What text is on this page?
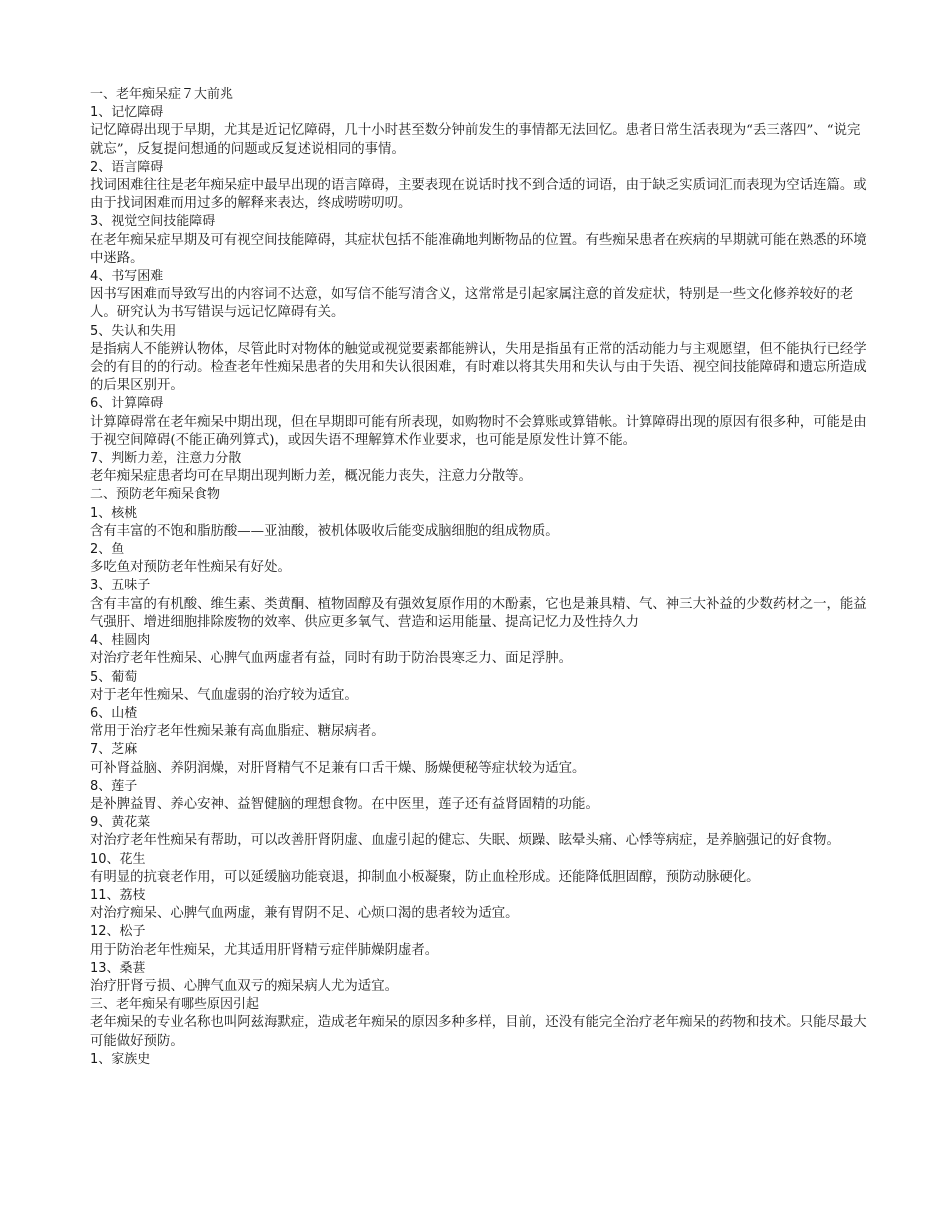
一、老年痴呆症７大前兆

1、记忆障碍

记忆障碍出现于早期，尤其是近记忆障碍，几十小时甚至数分钟前发生的事情都无法回忆。患者日常生活表现为“丢三落四”、“说完就忘”，反复提问想通的问题或反复述说相同的事情。

2、语言障碍

找词困难往往是老年痴呆症中最早出现的语言障碍，主要表现在说话时找不到合适的词语，由于缺乏实质词汇而表现为空话连篇。或由于找词困难而用过多的解释来表达，终成唠唠叨叨。

3、视觉空间技能障碍

在老年痴呆症早期及可有视空间技能障碍，其症状包括不能准确地判断物品的位置。有些痴呆患者在疾病的早期就可能在熟悉的环境中迷路。

4、书写困难

因书写困难而导致写出的内容词不达意，如写信不能写清含义，这常常是引起家属注意的首发症状，特别是一些文化修养较好的老人。研究认为书写错误与远记忆障碍有关。

5、失认和失用

是指病人不能辨认物体，尽管此时对物体的触觉或视觉要素都能辨认，失用是指虽有正常的活动能力与主观愿望，但不能执行已经学会的有目的的行动。检查老年性痴呆患者的失用和失认很困难，有时难以将其失用和失认与由于失语、视空间技能障碍和遗忘所造成的后果区别开。

6、计算障碍

计算障碍常在老年痴呆中期出现，但在早期即可能有所表现，如购物时不会算账或算错帐。计算障碍出现的原因有很多种，可能是由于视空间障碍(不能正确列算式)，或因失语不理解算术作业要求，也可能是原发性计算不能。

7、判断力差，注意力分散

老年痴呆症患者均可在早期出现判断力差，概况能力丧失，注意力分散等。

二、预防老年痴呆食物

1、核桃

含有丰富的不饱和脂肪酸——亚油酸，被机体吸收后能变成脑细胞的组成物质。

2、鱼

多吃鱼对预防老年性痴呆有好处。

3、五味子

含有丰富的有机酸、维生素、类黄酮、植物固醇及有强效复原作用的木酚素，它也是兼具精、气、神三大补益的少数药材之一，能益气强肝、增进细胞排除废物的效率、供应更多氧气、营造和运用能量、提高记忆力及性持久力

4、桂圆肉

对治疗老年性痴呆、心脾气血两虚者有益，同时有助于防治畏寒乏力、面足浮肿。

5、葡萄

对于老年性痴呆、气血虚弱的治疗较为适宜。

6、山楂

常用于治疗老年性痴呆兼有高血脂症、糖尿病者。

7、芝麻

可补肾益脑、养阴润燥，对肝肾精气不足兼有口舌干燥、肠燥便秘等症状较为适宜。

8、莲子

是补脾益胃、养心安神、益智健脑的理想食物。在中医里，莲子还有益肾固精的功能。

9、黄花菜

对治疗老年性痴呆有帮助，可以改善肝肾阴虚、血虚引起的健忘、失眠、烦躁、眩晕头痛、心悸等病症，是养脑强记的好食物。

10、花生

有明显的抗衰老作用，可以延缓脑功能衰退，抑制血小板凝聚，防止血栓形成。还能降低胆固醇，预防动脉硬化。

11、荔枝

对治疗痴呆、心脾气血两虚，兼有胃阴不足、心烦口渴的患者较为适宜。

12、松子

用于防治老年性痴呆，尤其适用肝肾精亏症伴肺燥阴虚者。

13、桑葚

治疗肝肾亏损、心脾气血双亏的痴呆病人尤为适宜。

三、老年痴呆有哪些原因引起

老年痴呆的专业名称也叫阿兹海默症，造成老年痴呆的原因多种多样，目前，还没有能完全治疗老年痴呆的药物和技术。只能尽最大可能做好预防。

1、家族史
